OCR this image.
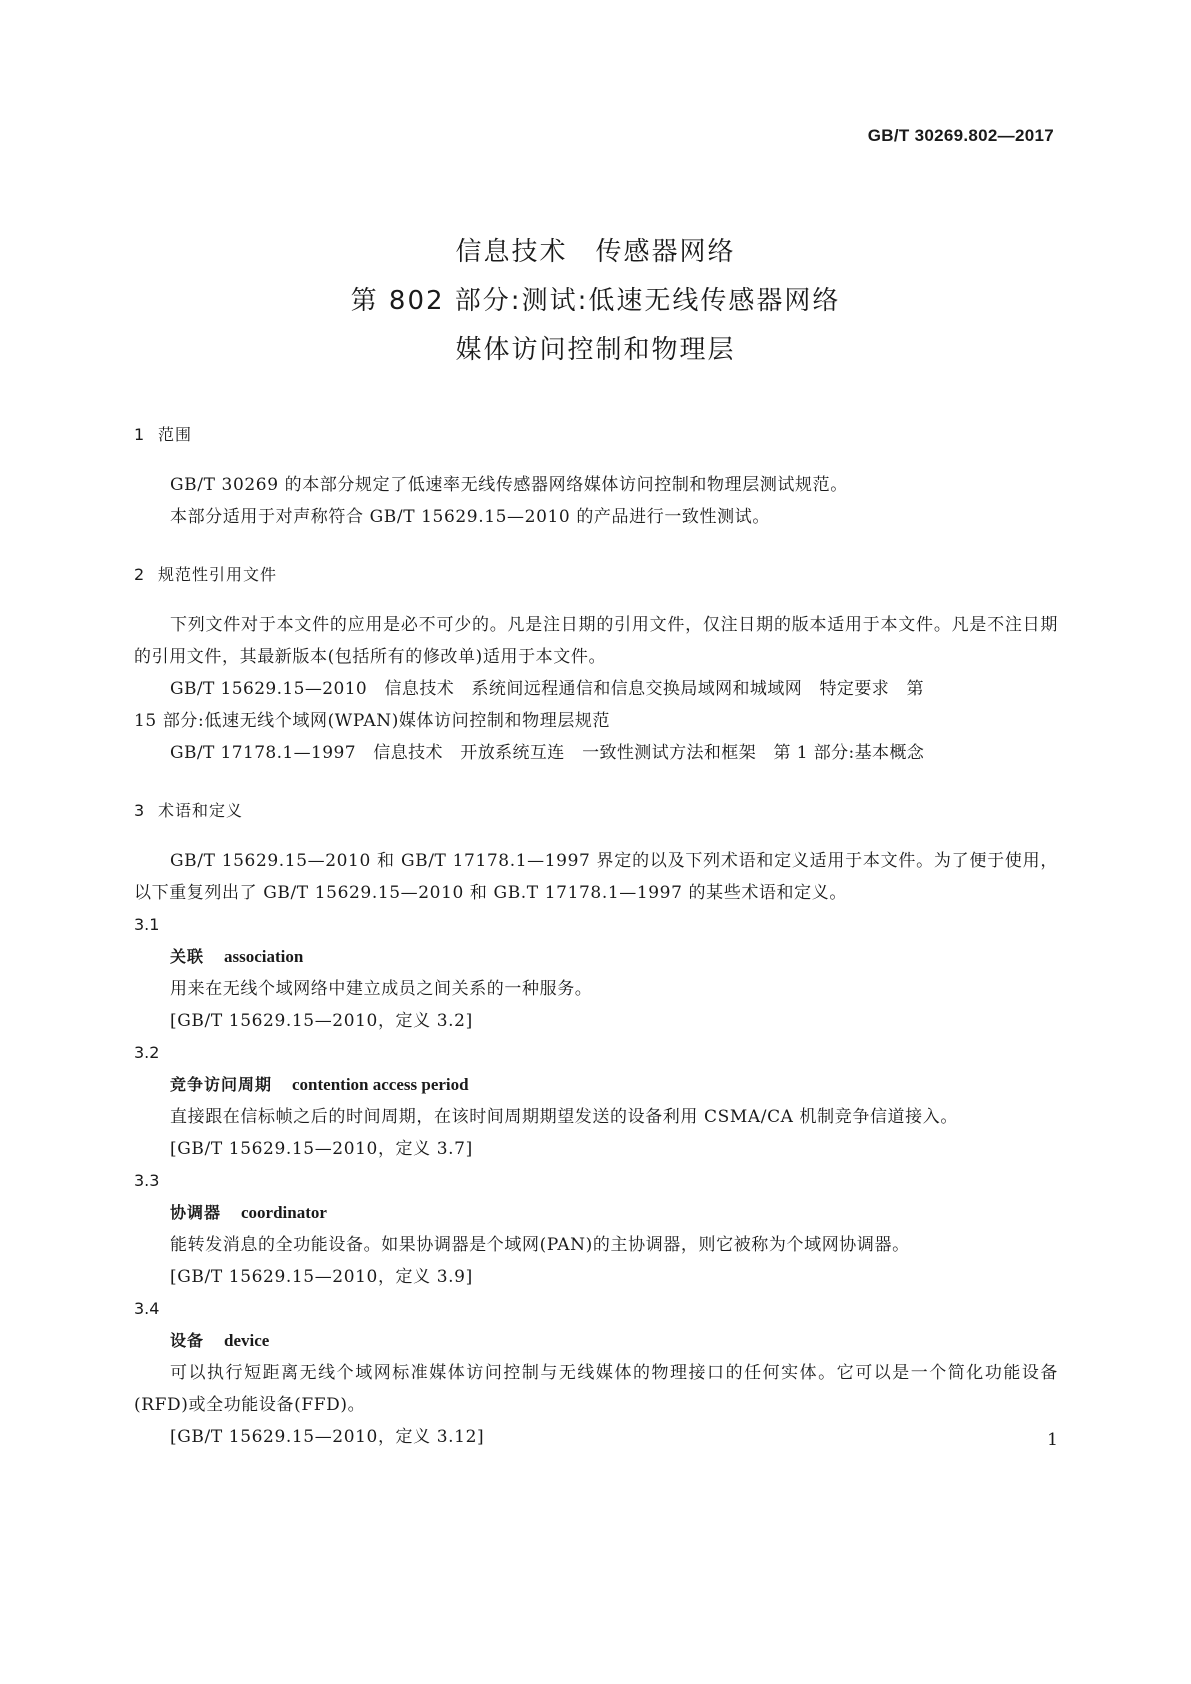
GB/T 30269.802—2017
信息技术　传感器网络
第 802 部分:测试:低速无线传感器网络
媒体访问控制和物理层
1 范围

GB/T 30269 的本部分规定了低速率无线传感器网络媒体访问控制和物理层测试规范。

本部分适用于对声称符合 GB/T 15629.15—2010 的产品进行一致性测试。

2 规范性引用文件

下列文件对于本文件的应用是必不可少的。凡是注日期的引用文件，仅注日期的版本适用于本文件。凡是不注日期的引用文件，其最新版本(包括所有的修改单)适用于本文件。

GB/T 15629.15—2010　信息技术　系统间远程通信和信息交换局域网和城域网　特定要求　第

15 部分:低速无线个域网(WPAN)媒体访问控制和物理层规范

GB/T 17178.1—1997　信息技术　开放系统互连　一致性测试方法和框架　第 1 部分:基本概念

3 术语和定义

GB/T 15629.15—2010 和 GB/T 17178.1—1997 界定的以及下列术语和定义适用于本文件。为了便于使用，以下重复列出了 GB/T 15629.15—2010 和 GB.T 17178.1—1997 的某些术语和定义。

3.1
关联 association

用来在无线个域网络中建立成员之间关系的一种服务。

[GB/T 15629.15—2010，定义 3.2]

3.2
竞争访问周期 contention access period

直接跟在信标帧之后的时间周期，在该时间周期期望发送的设备利用 CSMA/CA 机制竞争信道接入。

[GB/T 15629.15—2010，定义 3.7]

3.3
协调器 coordinator

能转发消息的全功能设备。如果协调器是个域网(PAN)的主协调器，则它被称为个域网协调器。

[GB/T 15629.15—2010，定义 3.9]

3.4
设备 device

可以执行短距离无线个域网标准媒体访问控制与无线媒体的物理接口的任何实体。它可以是一个简化功能设备(RFD)或全功能设备(FFD)。

[GB/T 15629.15—2010，定义 3.12]	1
